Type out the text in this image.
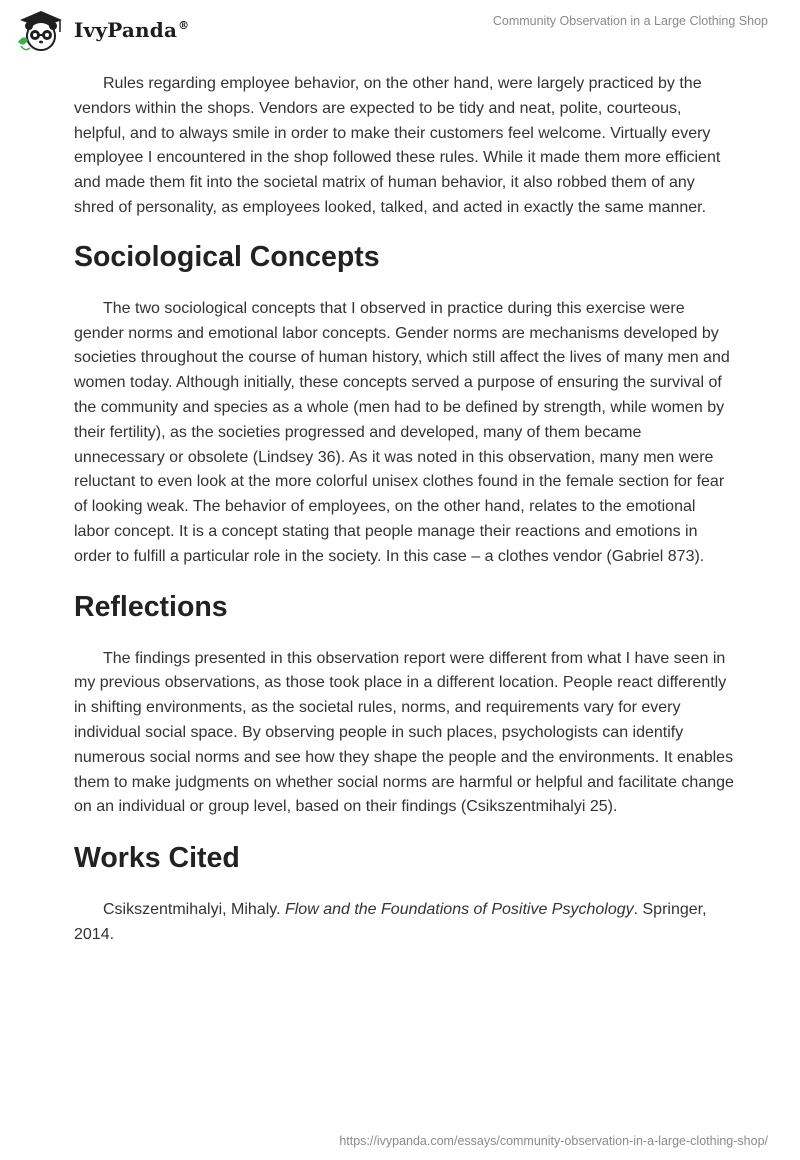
IvyPanda®	Community Observation in a Large Clothing Shop

Rules regarding employee behavior, on the other hand, were largely practiced by the vendors within the shops. Vendors are expected to be tidy and neat, polite, courteous, helpful, and to always smile in order to make their customers feel welcome. Virtually every employee I encountered in the shop followed these rules. While it made them more efficient and made them fit into the societal matrix of human behavior, it also robbed them of any shred of personality, as employees looked, talked, and acted in exactly the same manner.

Sociological Concepts

The two sociological concepts that I observed in practice during this exercise were gender norms and emotional labor concepts. Gender norms are mechanisms developed by societies throughout the course of human history, which still affect the lives of many men and women today. Although initially, these concepts served a purpose of ensuring the survival of the community and species as a whole (men had to be defined by strength, while women by their fertility), as the societies progressed and developed, many of them became unnecessary or obsolete (Lindsey 36). As it was noted in this observation, many men were reluctant to even look at the more colorful unisex clothes found in the female section for fear of looking weak. The behavior of employees, on the other hand, relates to the emotional labor concept. It is a concept stating that people manage their reactions and emotions in order to fulfill a particular role in the society. In this case – a clothes vendor (Gabriel 873).

Reflections

The findings presented in this observation report were different from what I have seen in my previous observations, as those took place in a different location. People react differently in shifting environments, as the societal rules, norms, and requirements vary for every individual social space. By observing people in such places, psychologists can identify numerous social norms and see how they shape the people and the environments. It enables them to make judgments on whether social norms are harmful or helpful and facilitate change on an individual or group level, based on their findings (Csikszentmihalyi 25).

Works Cited

Csikszentmihalyi, Mihaly. Flow and the Foundations of Positive Psychology. Springer, 2014.

https://ivypanda.com/essays/community-observation-in-a-large-clothing-shop/
